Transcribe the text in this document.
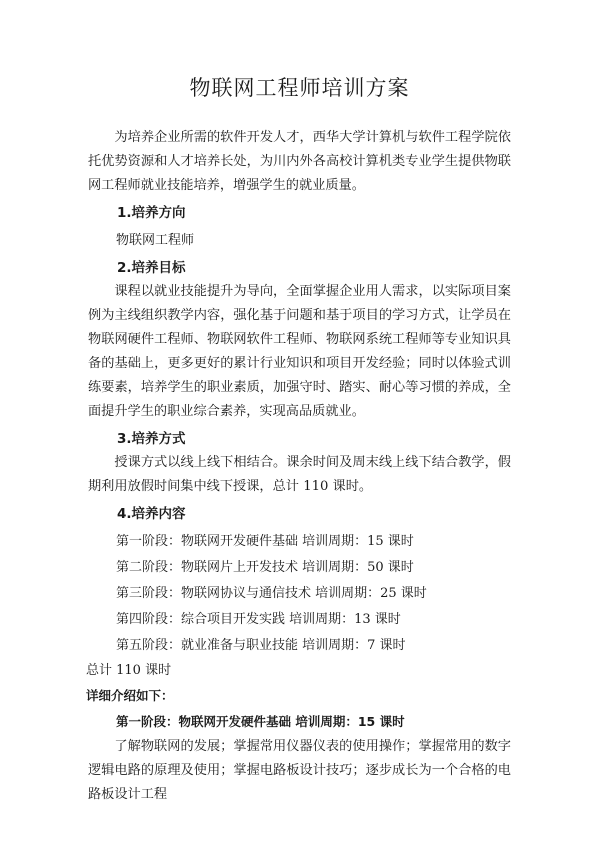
物联网工程师培训方案

为培养企业所需的软件开发人才，西华大学计算机与软件工程学院依托优势资源和人才培养长处，为川内外各高校计算机类专业学生提供物联网工程师就业技能培养，增强学生的就业质量。

1.培养方向

物联网工程师

2.培养目标

课程以就业技能提升为导向，全面掌握企业用人需求，以实际项目案例为主线组织教学内容，强化基于问题和基于项目的学习方式，让学员在物联网硬件工程师、物联网软件工程师、物联网系统工程师等专业知识具备的基础上，更多更好的累计行业知识和项目开发经验；同时以体验式训练要素，培养学生的职业素质，加强守时、踏实、耐心等习惯的养成，全面提升学生的职业综合素养，实现高品质就业。

3.培养方式

授课方式以线上线下相结合。课余时间及周末线上线下结合教学，假期利用放假时间集中线下授课，总计 110 课时。

4.培养内容
第一阶段：物联网开发硬件基础 培训周期：15 课时
第二阶段：物联网片上开发技术 培训周期：50 课时
第三阶段：物联网协议与通信技术 培训周期：25 课时
第四阶段：综合项目开发实践 培训周期：13 课时
第五阶段：就业准备与职业技能 培训周期：7 课时
总计 110 课时
详细介绍如下：
第一阶段：物联网开发硬件基础 培训周期：15 课时

了解物联网的发展；掌握常用仪器仪表的使用操作；掌握常用的数字逻辑电路的原理及使用；掌握电路板设计技巧；逐步成长为一个合格的电路板设计工程
